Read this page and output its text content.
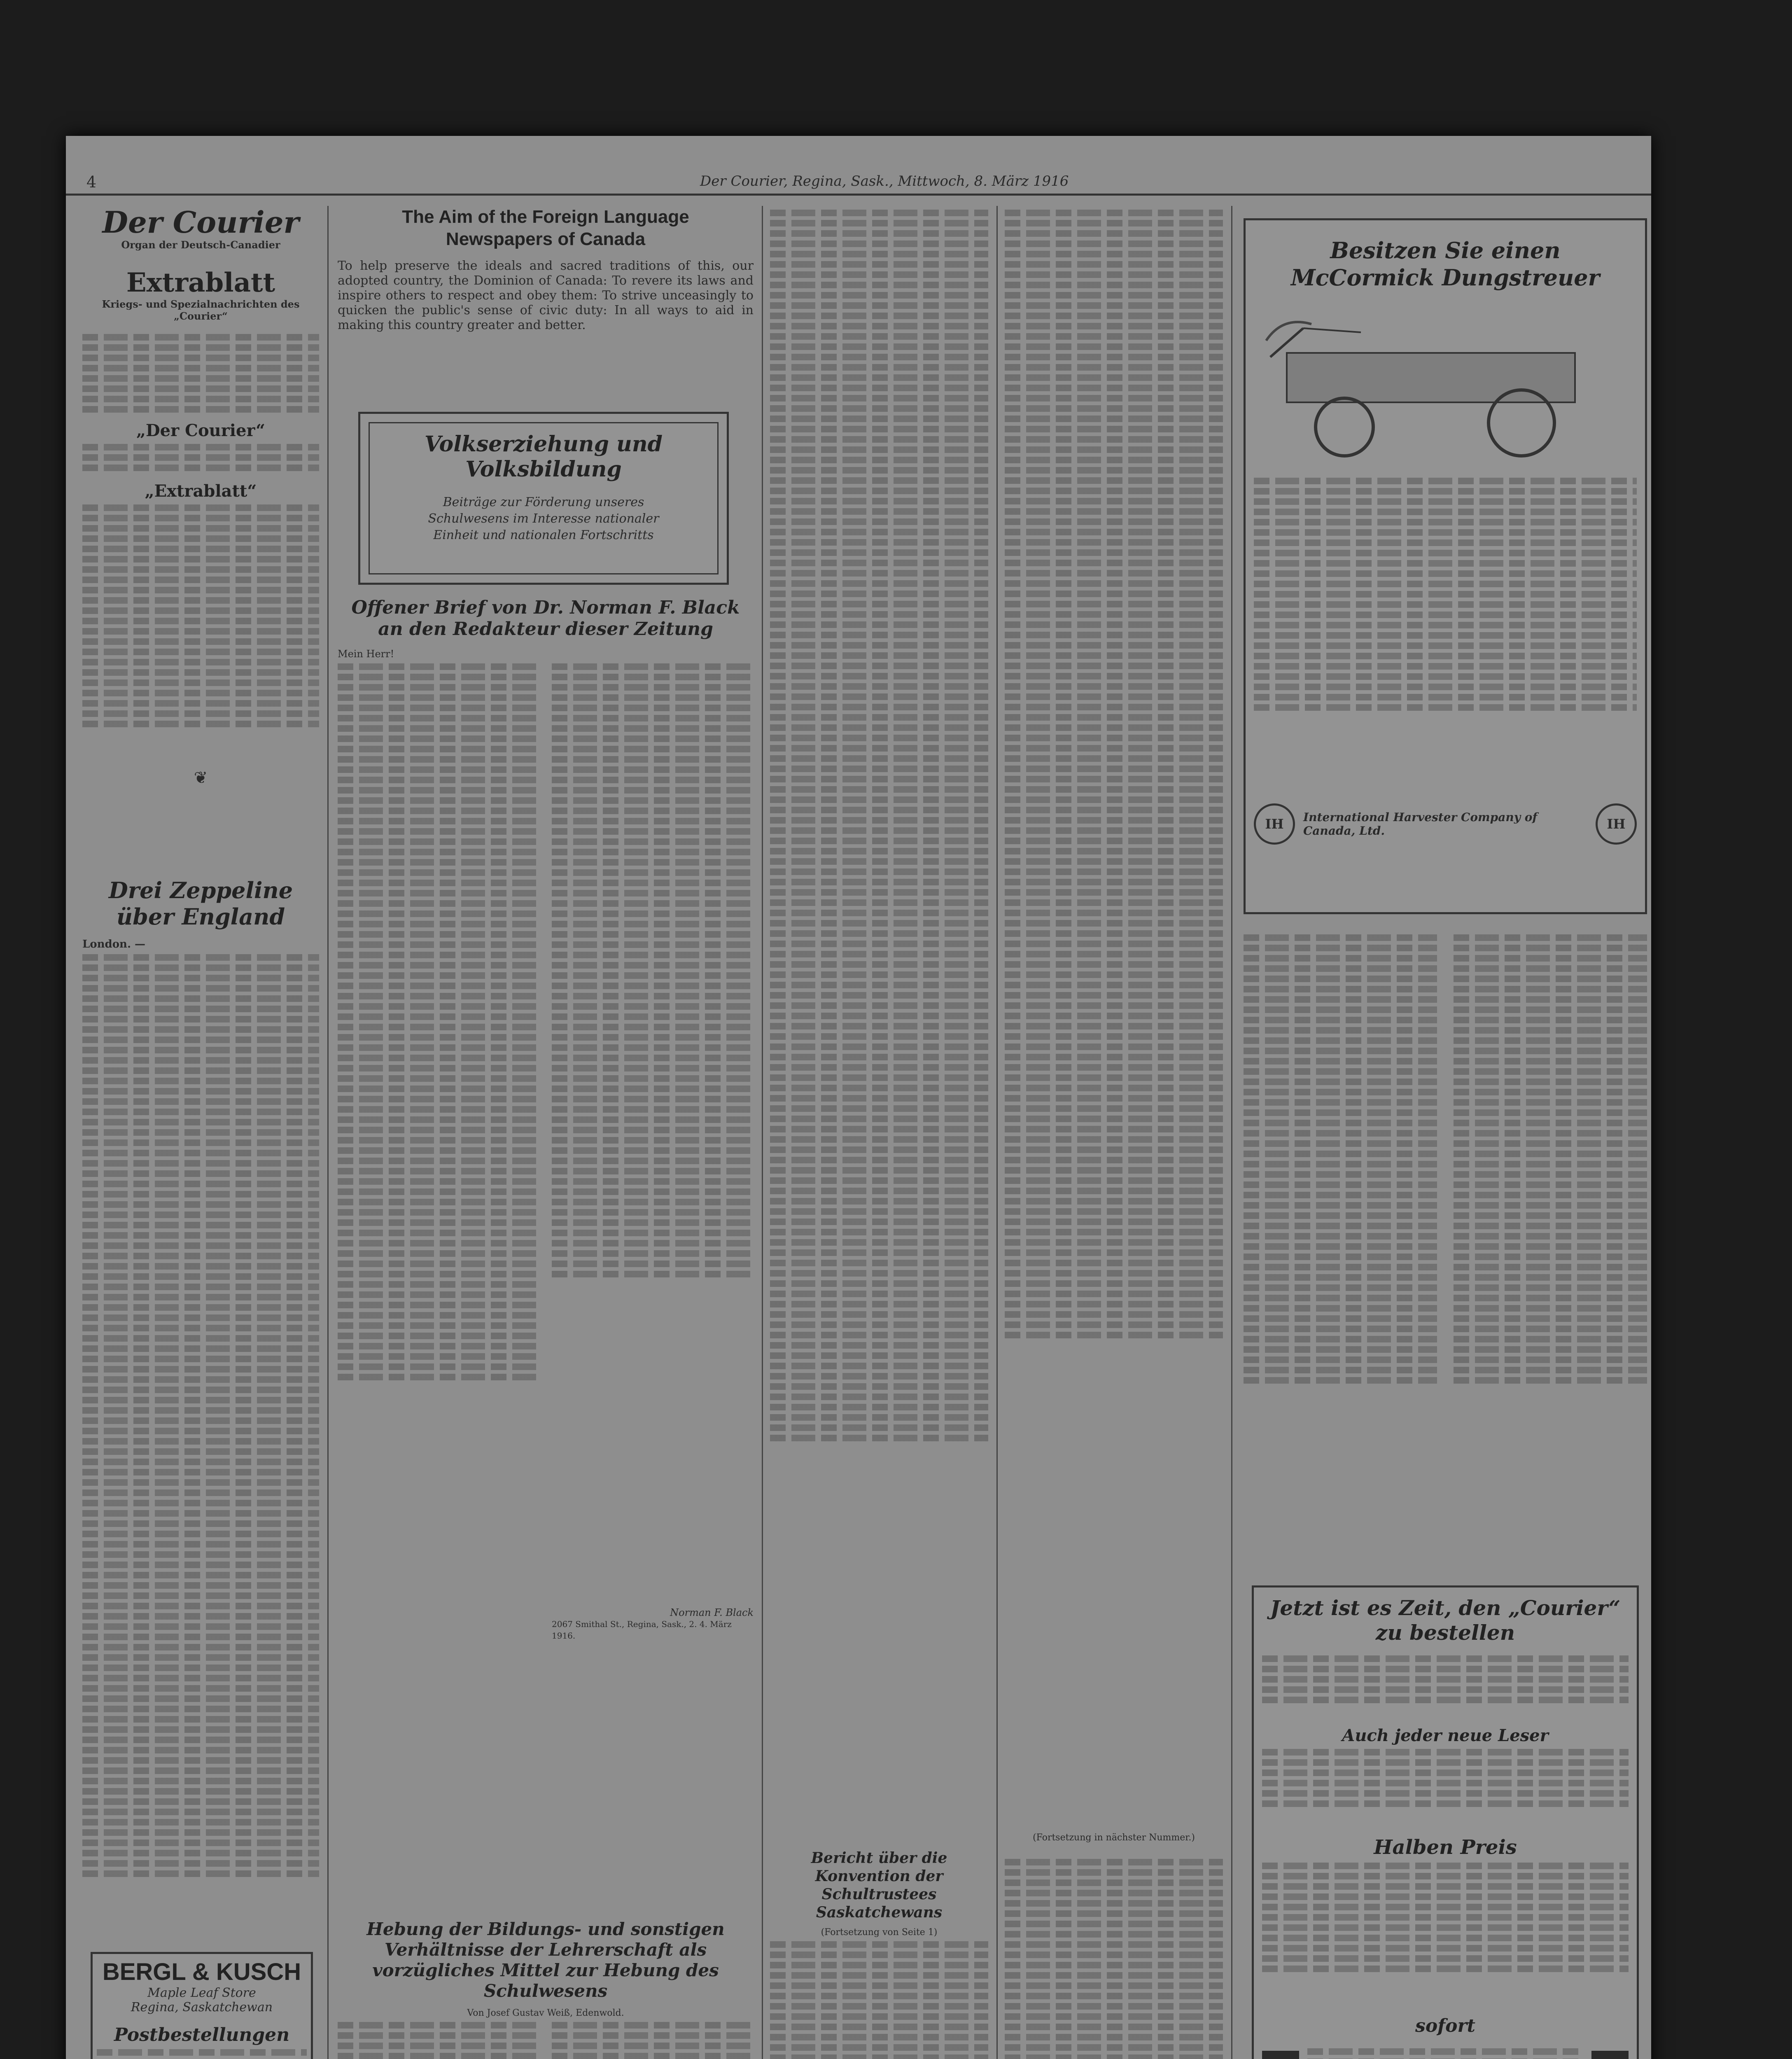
4	Der Courier, Regina, Sask., Mittwoch, 8. März 1916
Der Courier
Organ der Deutsch-Canadier
Extrablatt
Kriegs- und Spezialnachrichten des „Courier“
„Der Courier“
„Extrablatt“
❦
Drei Zeppeline über England
London. —
BERGL & KUSCH
Maple Leaf Store
Regina, Saskatchewan
Postbestellungen
The Aim of the Foreign Language Newspapers of Canada
To help preserve the ideals and sacred traditions of this, our adopted country, the Dominion of Canada: To revere its laws and inspire others to respect and obey them: To strive unceasingly to quicken the public's sense of civic duty: In all ways to aid in making this country greater and better.
Volkserziehung und Volksbildung
Beiträge zur Förderung unseres Schulwesens im Interesse nationaler Einheit und nationalen Fortschritts
Offener Brief von Dr. Norman F. Black an den Redakteur dieser Zeitung
Mein Herr!
Norman F. Black
2067 Smithal St., Regina, Sask., 2. 4. März 1916.
Hebung der Bildungs- und sonstigen Verhältnisse der Lehrerschaft als vorzügliches Mittel zur Hebung des Schulwesens
Von Josef Gustav Weiß, Edenwold.
Bericht über die Konvention der Schultrustees Saskatchewans
(Fortsetzung von Seite 1)
(Fortsetzung in nächster Nummer.)
Besitzen Sie einen McCormick Dungstreuer
IH	International Harvester Company of Canada, Ltd.	IH
Jetzt ist es Zeit, den „Courier“ zu bestellen
Auch jeder neue Leser
Halben Preis
sofort
